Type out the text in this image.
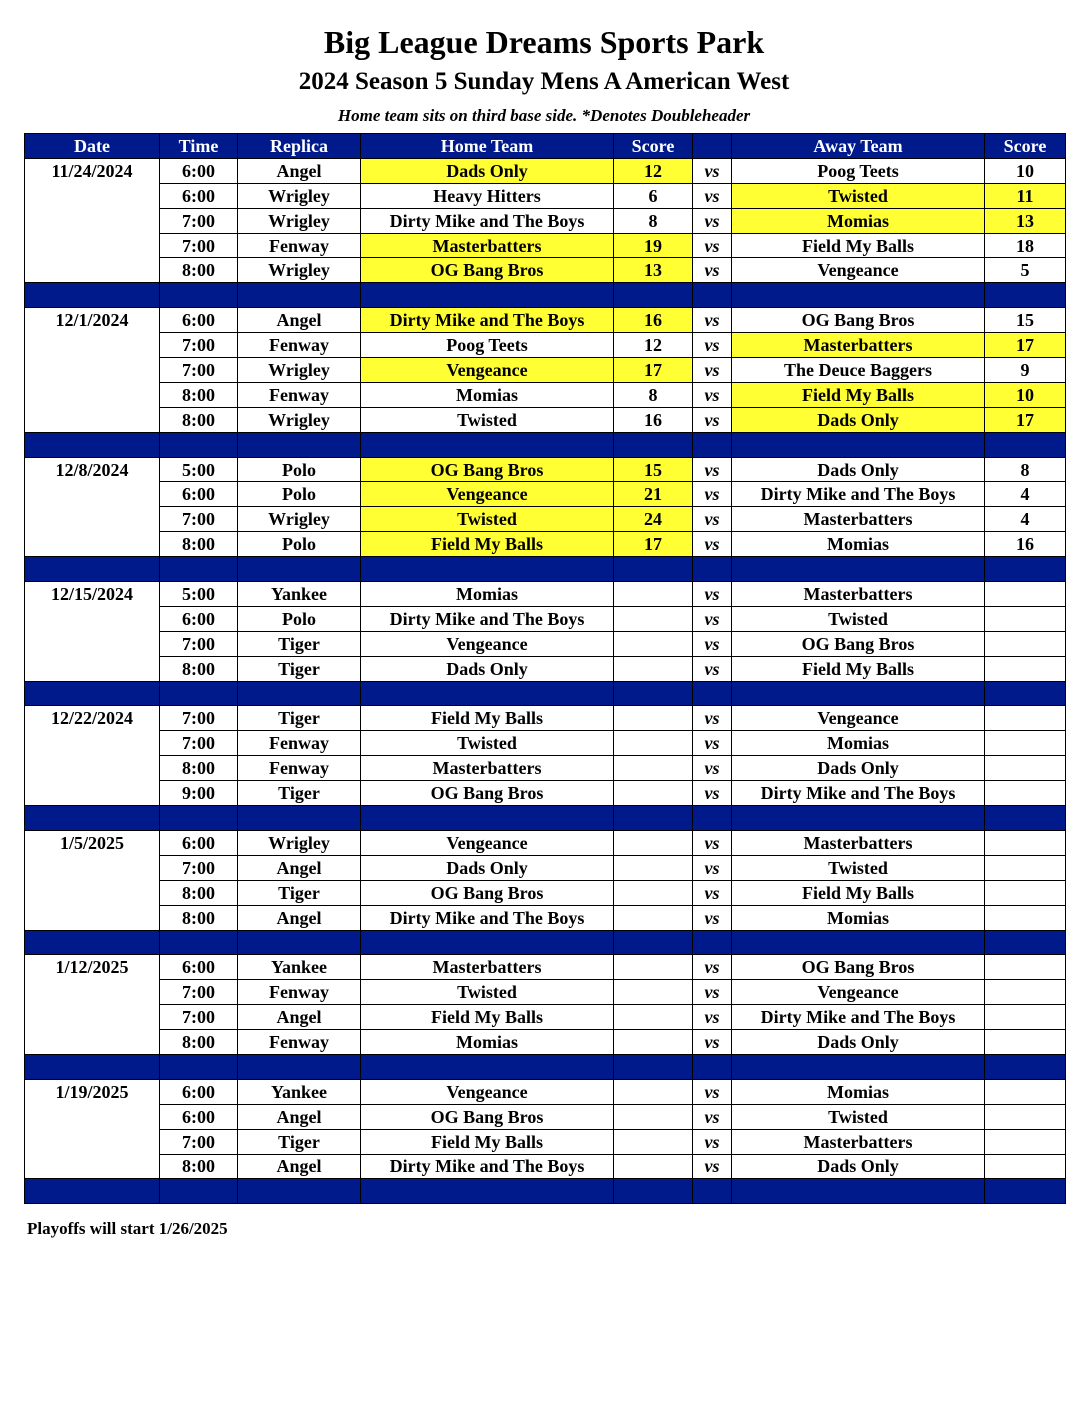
Big League Dreams Sports Park
2024 Season 5 Sunday Mens A American West
Home team sits on third base side. *Denotes Doubleheader
Date	Time	Replica	Home Team	Score		Away Team	Score
11/24/2024	6:00	Angel	Dads Only	12	vs	Poog Teets	10
	6:00	Wrigley	Heavy Hitters	6	vs	Twisted	11
	7:00	Wrigley	Dirty Mike and The Boys	8	vs	Momias	13
	7:00	Fenway	Masterbatters	19	vs	Field My Balls	18
	8:00	Wrigley	OG Bang Bros	13	vs	Vengeance	5

12/1/2024	6:00	Angel	Dirty Mike and The Boys	16	vs	OG Bang Bros	15
	7:00	Fenway	Poog Teets	12	vs	Masterbatters	17
	7:00	Wrigley	Vengeance	17	vs	The Deuce Baggers	9
	8:00	Fenway	Momias	8	vs	Field My Balls	10
	8:00	Wrigley	Twisted	16	vs	Dads Only	17

12/8/2024	5:00	Polo	OG Bang Bros	15	vs	Dads Only	8
	6:00	Polo	Vengeance	21	vs	Dirty Mike and The Boys	4
	7:00	Wrigley	Twisted	24	vs	Masterbatters	4
	8:00	Polo	Field My Balls	17	vs	Momias	16

12/15/2024	5:00	Yankee	Momias		vs	Masterbatters	
	6:00	Polo	Dirty Mike and The Boys		vs	Twisted	
	7:00	Tiger	Vengeance		vs	OG Bang Bros	
	8:00	Tiger	Dads Only		vs	Field My Balls	

12/22/2024	7:00	Tiger	Field My Balls		vs	Vengeance	
	7:00	Fenway	Twisted		vs	Momias	
	8:00	Fenway	Masterbatters		vs	Dads Only	
	9:00	Tiger	OG Bang Bros		vs	Dirty Mike and The Boys	

1/5/2025	6:00	Wrigley	Vengeance		vs	Masterbatters	
	7:00	Angel	Dads Only		vs	Twisted	
	8:00	Tiger	OG Bang Bros		vs	Field My Balls	
	8:00	Angel	Dirty Mike and The Boys		vs	Momias	

1/12/2025	6:00	Yankee	Masterbatters		vs	OG Bang Bros	
	7:00	Fenway	Twisted		vs	Vengeance	
	7:00	Angel	Field My Balls		vs	Dirty Mike and The Boys	
	8:00	Fenway	Momias		vs	Dads Only	

1/19/2025	6:00	Yankee	Vengeance		vs	Momias	
	6:00	Angel	OG Bang Bros		vs	Twisted	
	7:00	Tiger	Field My Balls		vs	Masterbatters	
	8:00	Angel	Dirty Mike and The Boys		vs	Dads Only	

Playoffs will start 1/26/2025
